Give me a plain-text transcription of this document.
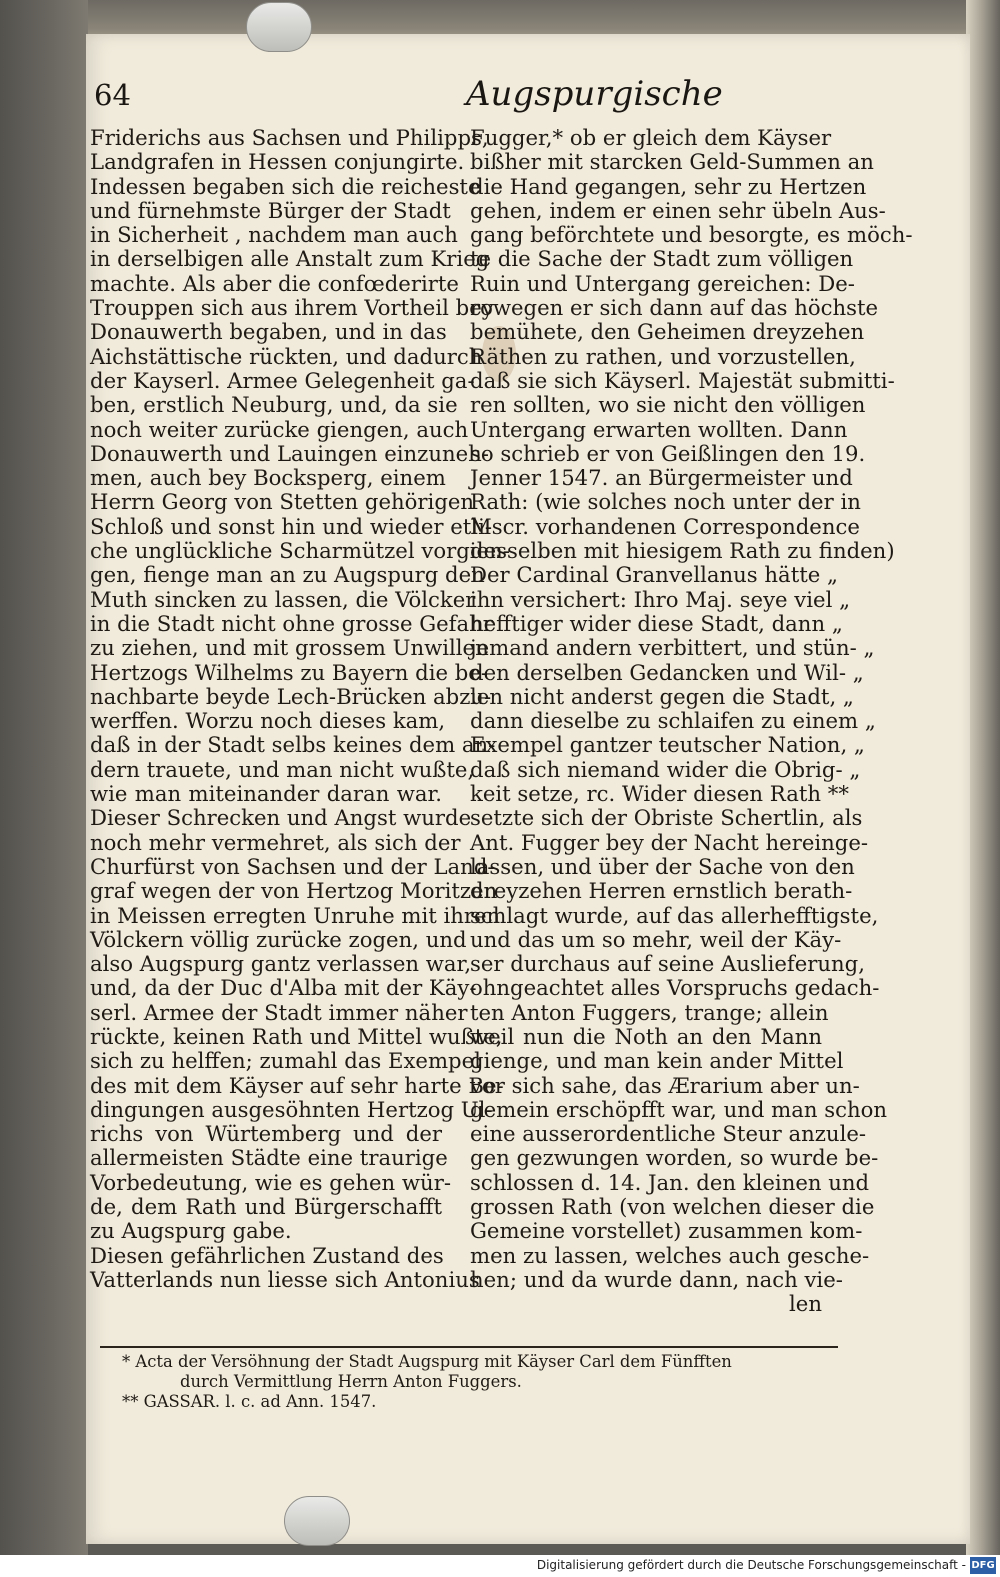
64	Augspurgische
Friderichs aus Sachsen und Philipps,
Landgrafen in Hessen conjungirte.
Indessen begaben sich die reicheste
und fürnehmste Bürger der Stadt
in Sicherheit , nachdem man auch
in derselbigen alle Anstalt zum Krieg
machte. Als aber die confœderirte
Trouppen sich aus ihrem Vortheil bey
Donauwerth begaben, und in das
Aichstättische rückten, und dadurch
der Kayserl. Armee Gelegenheit ga-
ben, erstlich Neuburg, und, da sie
noch weiter zurücke giengen, auch
Donauwerth und Lauingen einzuneh-
men, auch bey Bocksperg, einem
Herrn Georg von Stetten gehörigen
Schloß und sonst hin und wieder etli-
che unglückliche Scharmützel vorgien-
gen, fienge man an zu Augspurg den
Muth sincken zu lassen, die Völcker
in die Stadt nicht ohne grosse Gefahr
zu ziehen, und mit grossem Unwillen
Hertzogs Wilhelms zu Bayern die be-
nachbarte beyde Lech-Brücken abzu-
werffen. Worzu noch dieses kam,
daß in der Stadt selbs keines dem an-
dern trauete, und man nicht wußte,
wie man miteinander daran war.
Dieser Schrecken und Angst wurde
noch mehr vermehret, als sich der
Churfürst von Sachsen und der Land-
graf wegen der von Hertzog Moritzen
in Meissen erregten Unruhe mit ihren
Völckern völlig zurücke zogen, und
also Augspurg gantz verlassen war,
und, da der Duc d'Alba mit der Käy-
serl. Armee der Stadt immer näher
rückte, keinen Rath und Mittel wußte,
sich zu helffen; zumahl das Exempel
des mit dem Käyser auf sehr harte Be-
dingungen ausgesöhnten Hertzog Ul-
richs von Würtemberg und der
allermeisten Städte eine traurige
Vorbedeutung, wie es gehen wür-
de, dem Rath und Bürgerschafft
zu Augspurg gabe.
Diesen gefährlichen Zustand des
Vatterlands nun liesse sich Antonius
Fugger,* ob er gleich dem Käyser
bißher mit starcken Geld-Summen an
die Hand gegangen, sehr zu Hertzen
gehen, indem er einen sehr übeln Aus-
gang beförchtete und besorgte, es möch-
te die Sache der Stadt zum völligen
Ruin und Untergang gereichen: De-
rowegen er sich dann auf das höchste
bemühete, den Geheimen dreyzehen
Räthen zu rathen, und vorzustellen,
daß sie sich Käyserl. Majestät submitti-
ren sollten, wo sie nicht den völligen
Untergang erwarten wollten. Dann
so schrieb er von Geißlingen den 19.
Jenner 1547. an Bürgermeister und
Rath: (wie solches noch unter der in
Mscr. vorhandenen Correspondence
desselben mit hiesigem Rath zu finden)
Der Cardinal Granvellanus hätte „
ihn versichert: Ihro Maj. seye viel „
hefftiger wider diese Stadt, dann „
jemand andern verbittert, und stün- „
den derselben Gedancken und Wil- „
len nicht anderst gegen die Stadt, „
dann dieselbe zu schlaifen zu einem „
Exempel gantzer teutscher Nation, „
daß sich niemand wider die Obrig- „
keit setze, rc. Wider diesen Rath **
setzte sich der Obriste Schertlin, als
Ant. Fugger bey der Nacht hereinge-
lassen, und über der Sache von den
dreyzehen Herren ernstlich berath-
schlagt wurde, auf das allerhefftigste,
und das um so mehr, weil der Käy-
ser durchaus auf seine Auslieferung,
ohngeachtet alles Vorspruchs gedach-
ten Anton Fuggers, trange; allein
weil nun die Noth an den Mann
gienge, und man kein ander Mittel
vor sich sahe, das Ærarium aber un-
gemein erschöpfft war, und man schon
eine ausserordentliche Steur anzule-
gen gezwungen worden, so wurde be-
schlossen d. 14. Jan. den kleinen und
grossen Rath (von welchen dieser die
Gemeine vorstellet) zusammen kom-
men zu lassen, welches auch gesche-
hen; und da wurde dann, nach vie-
len
* Acta der Versöhnung der Stadt Augspurg mit Käyser Carl dem Fünfften
durch Vermittlung Herrn Anton Fuggers.
** GASSAR. l. c. ad Ann. 1547.
Digitalisierung gefördert durch die Deutsche Forschungsgemeinschaft - DFG
